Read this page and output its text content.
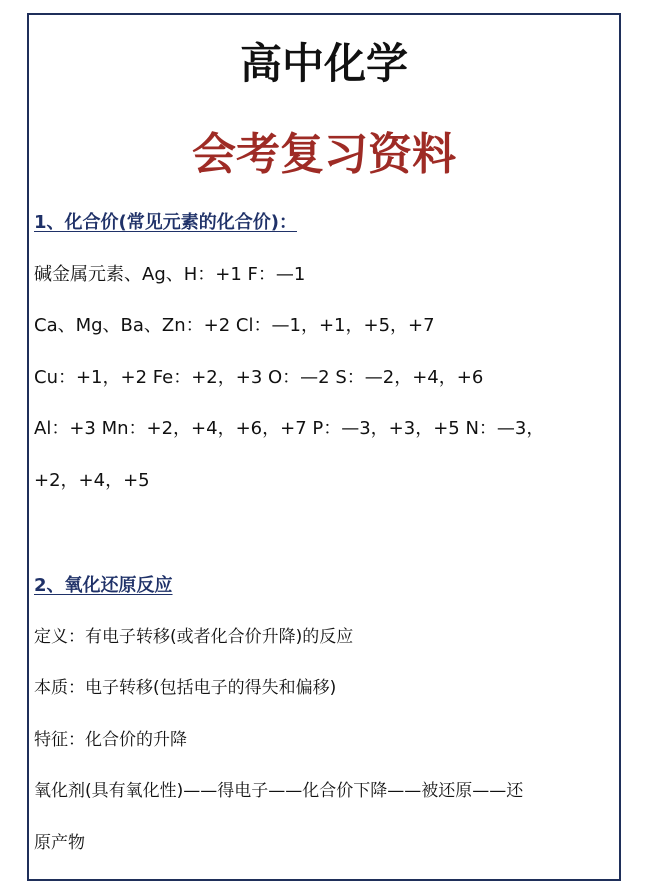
高中化学
会考复习资料
1、化合价(常见元素的化合价)：

碱金属元素、Ag、H：+1 F：—1

Ca、Mg、Ba、Zn：+2 Cl：—1，+1，+5，+7

Cu：+1，+2 Fe：+2，+3 O：—2 S：—2，+4，+6

Al：+3 Mn：+2，+4，+6，+7 P：—3，+3，+5 N：—3，

+2，+4，+5

2、氧化还原反应

定义：有电子转移(或者化合价升降)的反应

本质：电子转移(包括电子的得失和偏移)

特征：化合价的升降

氧化剂(具有氧化性)——得电子——化合价下降——被还原——还

原产物
